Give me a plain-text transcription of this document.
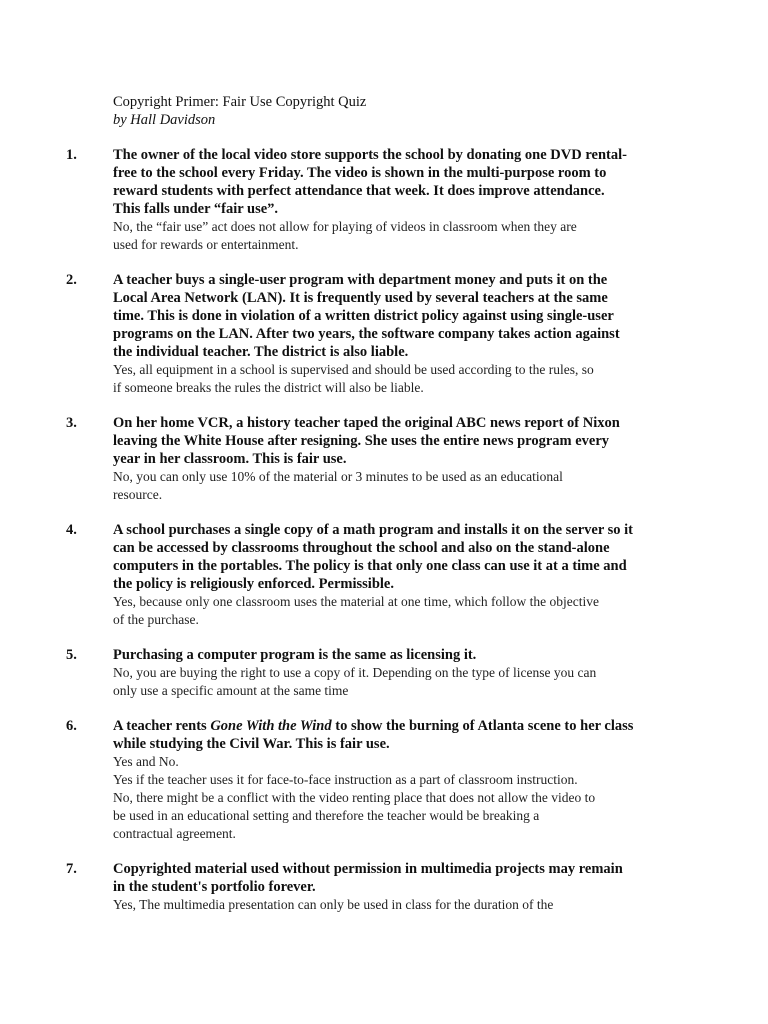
Copyright Primer: Fair Use Copyright Quiz
by Hall Davidson
1. The owner of the local video store supports the school by donating one DVD rental-
free to the school every Friday. The video is shown in the multi-purpose room to
reward students with perfect attendance that week. It does improve attendance.
This falls under “fair use”.
No, the “fair use” act does not allow for playing of videos in classroom when they are
used for rewards or entertainment.
2. A teacher buys a single-user program with department money and puts it on the
Local Area Network (LAN). It is frequently used by several teachers at the same
time. This is done in violation of a written district policy against using single-user
programs on the LAN. After two years, the software company takes action against
the individual teacher. The district is also liable.
Yes, all equipment in a school is supervised and should be used according to the rules, so
if someone breaks the rules the district will also be liable.
3. On her home VCR, a history teacher taped the original ABC news report of Nixon
leaving the White House after resigning. She uses the entire news program every
year in her classroom. This is fair use.
No, you can only use 10% of the material or 3 minutes to be used as an educational
resource.
4. A school purchases a single copy of a math program and installs it on the server so it
can be accessed by classrooms throughout the school and also on the stand-alone
computers in the portables. The policy is that only one class can use it at a time and
the policy is religiously enforced. Permissible.
Yes, because only one classroom uses the material at one time, which follow the objective
of the purchase.
5. Purchasing a computer program is the same as licensing it.
No, you are buying the right to use a copy of it. Depending on the type of license you can
only use a specific amount at the same time
6. A teacher rents Gone With the Wind to show the burning of Atlanta scene to her class
while studying the Civil War. This is fair use.
Yes and No.
Yes if the teacher uses it for face-to-face instruction as a part of classroom instruction.
No, there might be a conflict with the video renting place that does not allow the video to
be used in an educational setting and therefore the teacher would be breaking a
contractual agreement.
7. Copyrighted material used without permission in multimedia projects may remain
in the student's portfolio forever.
Yes, The multimedia presentation can only be used in class for the duration of the
